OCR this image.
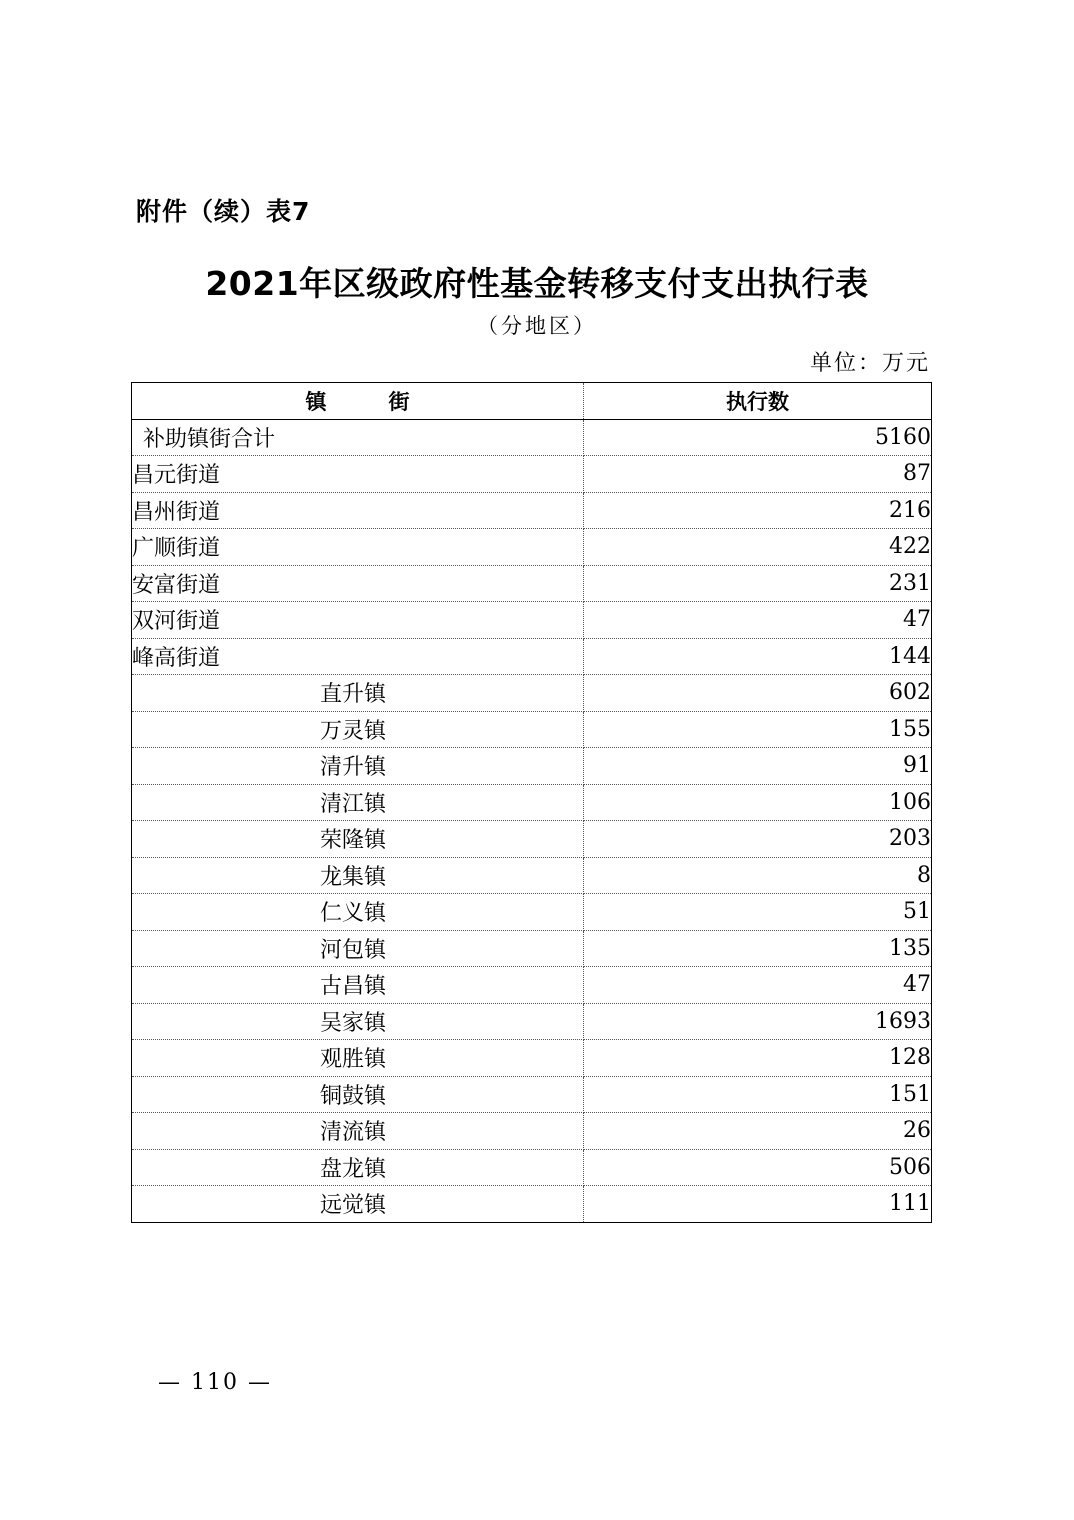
附件（续）表7
2021年区级政府性基金转移支付支出执行表
（分地区）
单位：万元
镇 街	执行数
补助镇街合计	5160
昌元街道	87
昌州街道	216
广顺街道	422
安富街道	231
双河街道	47
峰高街道	144
直升镇	602
万灵镇	155
清升镇	91
清江镇	106
荣隆镇	203
龙集镇	8
仁义镇	51
河包镇	135
古昌镇	47
吴家镇	1693
观胜镇	128
铜鼓镇	151
清流镇	26
盘龙镇	506
远觉镇	111
— 110 —
